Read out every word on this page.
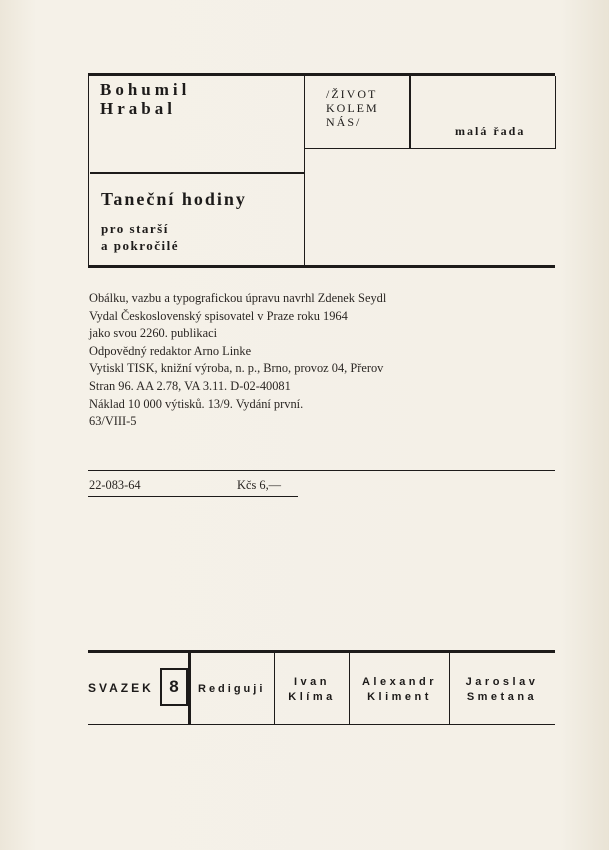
Bohumil
Hrabal
/ŽIVOT
KOLEM
NÁS/
malá řada
Taneční hodiny
pro starší
a pokročilé
Obálku, vazbu a typografickou úpravu navrhl Zdenek Seydl
Vydal Československý spisovatel v Praze roku 1964
jako svou 2260. publikaci
Odpovědný redaktor Arno Linke
Vytiskl TISK, knižní výroba, n. p., Brno, provoz 04, Přerov
Stran 96. AA 2.78, VA 3.11. D-02-40081
Náklad 10 000 výtisků. 13/9. Vydání první.
63/VIII-5
22-083-64	Kčs 6,—
SVAZEK 8	Rediguji
Ivan
Klíma
Alexandr
Kliment
Jaroslav
Smetana
